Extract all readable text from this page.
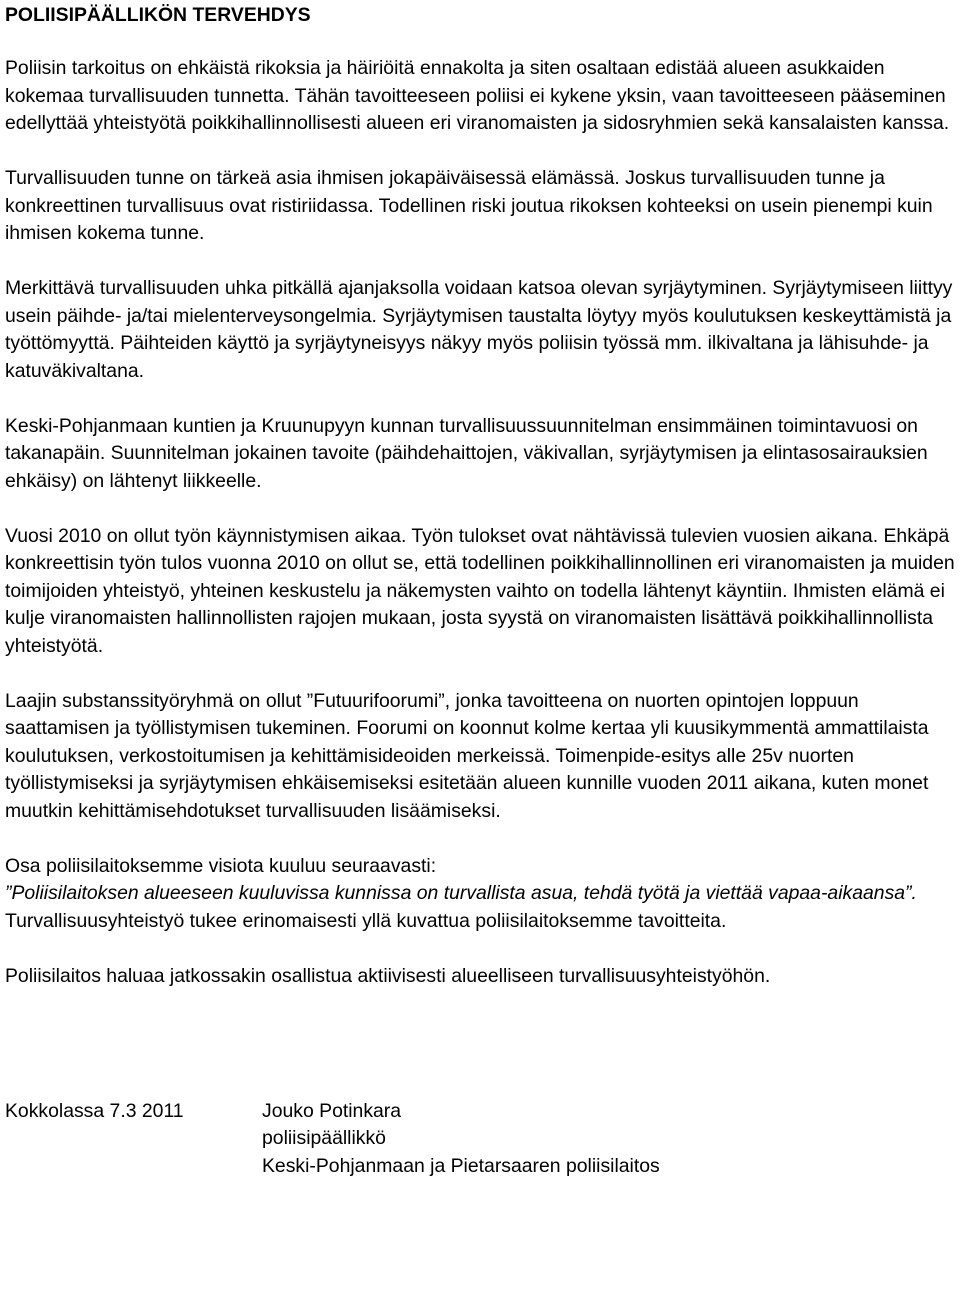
POLIISIPÄÄLLIKÖN TERVEHDYS

Poliisin tarkoitus on ehkäistä rikoksia ja häiriöitä ennakolta ja siten osaltaan edistää alueen asukkaiden kokemaa turvallisuuden tunnetta. Tähän tavoitteeseen poliisi ei kykene yksin, vaan tavoitteeseen pääseminen edellyttää yhteistyötä poikkihallinnollisesti alueen eri viranomaisten ja sidosryhmien sekä kansalaisten kanssa.

Turvallisuuden tunne on tärkeä asia ihmisen jokapäiväisessä elämässä. Joskus turvallisuuden tunne ja konkreettinen turvallisuus ovat ristiriidassa. Todellinen riski joutua rikoksen kohteeksi on usein pienempi kuin ihmisen kokema tunne.

Merkittävä turvallisuuden uhka pitkällä ajanjaksolla voidaan katsoa olevan syrjäytyminen. Syrjäytymiseen liittyy usein päihde- ja/tai mielenterveysongelmia. Syrjäytymisen taustalta löytyy myös koulutuksen keskeyttämistä ja työttömyyttä. Päihteiden käyttö ja syrjäytyneisyys näkyy myös poliisin työssä mm. ilkivaltana ja lähisuhde- ja katuväkivaltana.

Keski-Pohjanmaan kuntien ja Kruunupyyn kunnan turvallisuussuunnitelman ensimmäinen toimintavuosi on takanapäin. Suunnitelman jokainen tavoite (päihdehaittojen, väkivallan, syrjäytymisen ja elintasosairauksien ehkäisy) on lähtenyt liikkeelle.

Vuosi 2010 on ollut työn käynnistymisen aikaa. Työn tulokset ovat nähtävissä tulevien vuosien aikana. Ehkäpä konkreettisin työn tulos vuonna 2010 on ollut se, että todellinen poikkihallinnollinen eri viranomaisten ja muiden toimijoiden yhteistyö, yhteinen keskustelu ja näkemysten vaihto on todella lähtenyt käyntiin. Ihmisten elämä ei kulje viranomaisten hallinnollisten rajojen mukaan, josta syystä on viranomaisten lisättävä poikkihallinnollista yhteistyötä.

Laajin substanssityöryhmä on ollut ”Futuurifoorumi”, jonka tavoitteena on nuorten opintojen loppuun saattamisen ja työllistymisen tukeminen. Foorumi on koonnut kolme kertaa yli kuusikymmentä ammattilaista koulutuksen, verkostoitumisen ja kehittämisideoiden merkeissä. Toimenpide-esitys alle 25v nuorten työllistymiseksi ja syrjäytymisen ehkäisemiseksi esitetään alueen kunnille vuoden 2011 aikana, kuten monet muutkin kehittämisehdotukset turvallisuuden lisäämiseksi.

Osa poliisilaitoksemme visiota kuuluu seuraavasti:
”Poliisilaitoksen alueeseen kuuluvissa kunnissa on turvallista asua, tehdä työtä ja viettää vapaa-aikaansa”.
Turvallisuusyhteistyö tukee erinomaisesti yllä kuvattua poliisilaitoksemme tavoitteita.

Poliisilaitos haluaa jatkossakin osallistua aktiivisesti alueelliseen turvallisuusyhteistyöhön.

Kokkolassa 7.3 2011	Jouko Potinkara
poliisipäällikkö
Keski-Pohjanmaan ja Pietarsaaren poliisilaitos
